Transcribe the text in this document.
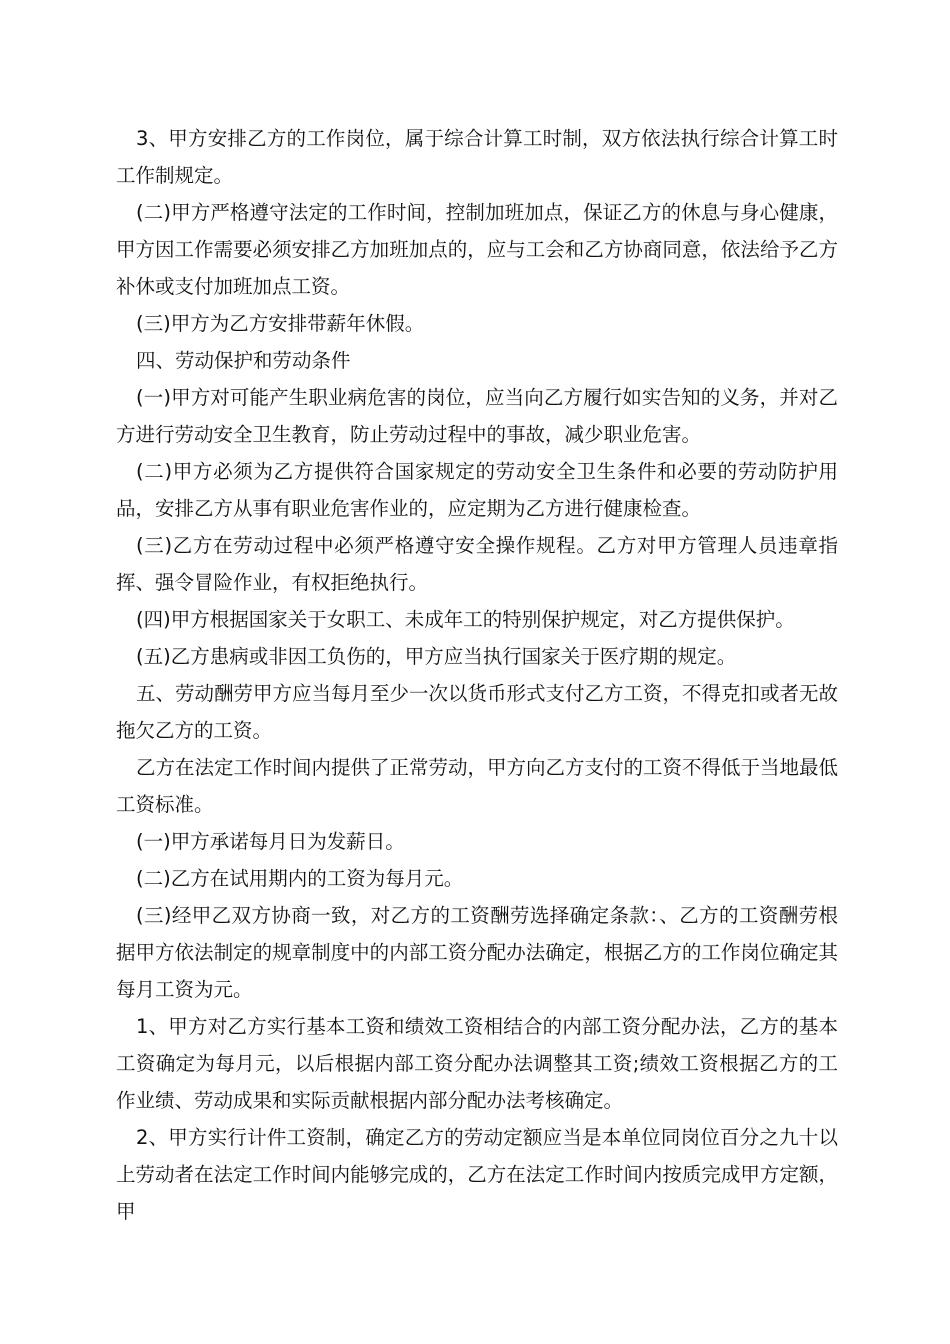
3、甲方安排乙方的工作岗位，属于综合计算工时制，双方依法执行综合计算工时工作制规定。

(二)甲方严格遵守法定的工作时间，控制加班加点，保证乙方的休息与身心健康，甲方因工作需要必须安排乙方加班加点的，应与工会和乙方协商同意，依法给予乙方补休或支付加班加点工资。

(三)甲方为乙方安排带薪年休假。

四、劳动保护和劳动条件

(一)甲方对可能产生职业病危害的岗位，应当向乙方履行如实告知的义务，并对乙方进行劳动安全卫生教育，防止劳动过程中的事故，减少职业危害。

(二)甲方必须为乙方提供符合国家规定的劳动安全卫生条件和必要的劳动防护用品，安排乙方从事有职业危害作业的，应定期为乙方进行健康检查。

(三)乙方在劳动过程中必须严格遵守安全操作规程。乙方对甲方管理人员违章指挥、强令冒险作业，有权拒绝执行。

(四)甲方根据国家关于女职工、未成年工的特别保护规定，对乙方提供保护。

(五)乙方患病或非因工负伤的，甲方应当执行国家关于医疗期的规定。

五、劳动酬劳甲方应当每月至少一次以货币形式支付乙方工资，不得克扣或者无故拖欠乙方的工资。

乙方在法定工作时间内提供了正常劳动，甲方向乙方支付的工资不得低于当地最低工资标准。

(一)甲方承诺每月日为发薪日。

(二)乙方在试用期内的工资为每月元。

(三)经甲乙双方协商一致，对乙方的工资酬劳选择确定条款：、乙方的工资酬劳根据甲方依法制定的规章制度中的内部工资分配办法确定，根据乙方的工作岗位确定其每月工资为元。

1、甲方对乙方实行基本工资和绩效工资相结合的内部工资分配办法，乙方的基本工资确定为每月元，以后根据内部工资分配办法调整其工资;绩效工资根据乙方的工作业绩、劳动成果和实际贡献根据内部分配办法考核确定。

2、甲方实行计件工资制，确定乙方的劳动定额应当是本单位同岗位百分之九十以上劳动者在法定工作时间内能够完成的，乙方在法定工作时间内按质完成甲方定额，甲
